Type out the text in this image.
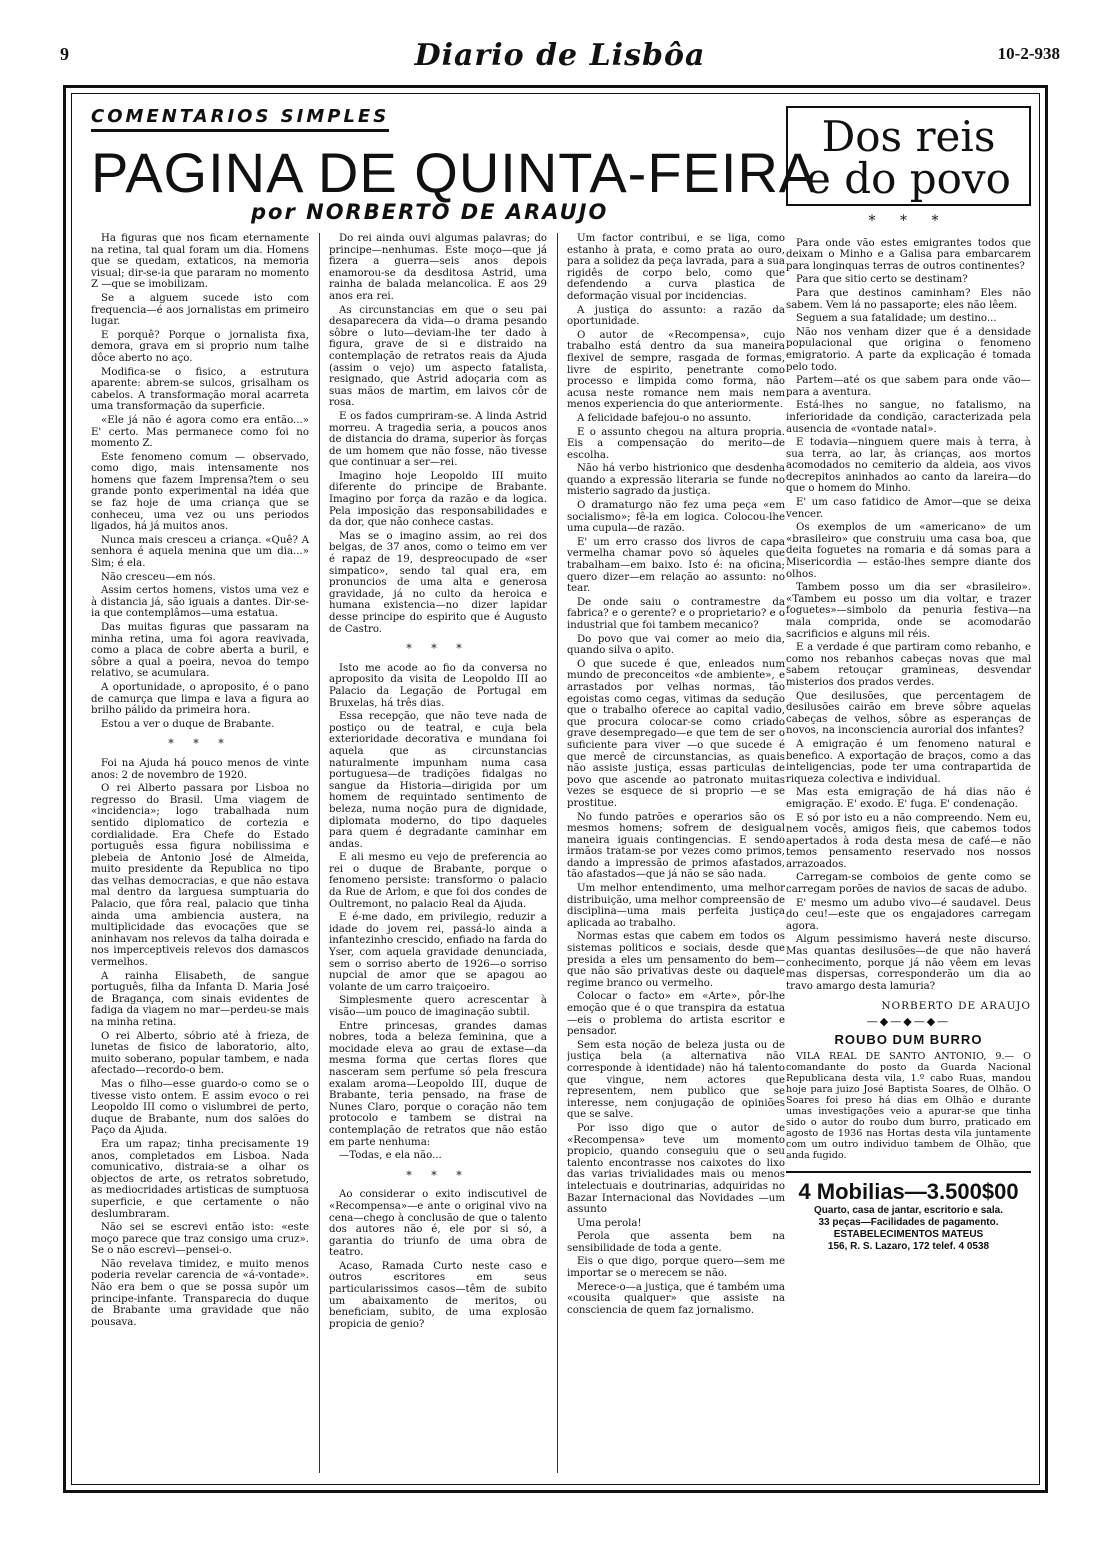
9	Diario de Lisbôa	10-2-938
COMENTARIOS SIMPLES
PAGINA DE QUINTA-FEIRA
por NORBERTO DE ARAUJO

Ha figuras que nos ficam eternamente na retina, tal qual foram um dia. Homens que se quedam, extaticos, na memoria visual; dir-se-ia que pararam no momento Z —que se imobilizam.

Se a alguem sucede isto com frequencia—é aos jornalistas em primeiro lugar.

E porquê? Porque o jornalista fixa, demora, grava em si proprio num talhe dôce aberto no aço.

Modifica-se o fisico, a estrutura aparente: abrem-se sulcos, grisalham os cabelos. A transformação moral acarreta uma transformação da superficie.

«Ele já não é agora como era então...» E' certo. Mas permanece como foi no momento Z.

Este fenomeno comum — observado, como digo, mais intensamente nos homens que fazem Imprensa?tem o seu grande ponto experimental na idéa que se faz hoje de uma criança que se conheceu, uma vez ou uns periodos ligados, há já muitos anos.

Nunca mais cresceu a criança. «Quê? A senhora é aquela menina que um dia...» Sim; é ela.

Não cresceu—em nós.

Assim certos homens, vistos uma vez e à distancia já, são iguais a dantes. Dir-se-ia que contemplâmos—uma estatua.

Das muitas figuras que passaram na minha retina, uma foi agora reavivada, como a placa de cobre aberta a buril, e sôbre a qual a poeira, nevoa do tempo relativo, se acumulara.

A oportunidade, o aproposito, é o pano de camurça que limpa e lava a figura ao brilho pálido da primeira hora.

Estou a ver o duque de Brabante.

* * *

Foi na Ajuda há pouco menos de vinte anos: 2 de novembro de 1920.

O rei Alberto passara por Lisboa no regresso do Brasil. Uma viagem de «incidencia»; logo trabalhada num sentido diplomatico de cortezia e cordialidade. Era Chefe do Estado português essa figura nobilissima e plebeia de Antonio José de Almeida, muito presidente da Republica no tipo das velhas democracias, e que não estava mal dentro da larguesa sumptuaria do Palacio, que fôra real, palacio que tinha ainda uma ambiencia austera, na multiplicidade das evocações que se aninhavam nos relevos da talha doirada e nos imperceptiveis relevos dos damascos vermelhos.

A rainha Elisabeth, de sangue português, filha da Infanta D. Maria José de Bragança, com sinais evidentes de fadiga da viagem no mar—perdeu-se mais na minha retina.

O rei Alberto, sóbrio até à frieza, de lunetas de fisico de laboratorio, alto, muito soberano, popular tambem, e nada afectado—recordo-o bem.

Mas o filho—esse guardo-o como se o tivesse visto ontem. E assim evoco o rei Leopoldo III como o vislumbrei de perto, duque de Brabante, num dos salões do Paço da Ajuda.

Era um rapaz; tinha precisamente 19 anos, completados em Lisboa. Nada comunicativo, distraia-se a olhar os objectos de arte, os retratos sobretudo, as mediocridades artisticas de sumptuosa superficie, e que certamente o não deslumbraram.

Não sei se escrevi então isto: «este moço parece que traz consigo uma cruz». Se o não escrevi—pensei-o.

Não revelava timidez, e muito menos poderia revelar carencia de «á-vontade». Não era bem o que se possa supôr um principe-infante. Transparecia do duque de Brabante uma gravidade que não pousava.

Do rei ainda ouvi algumas palavras; do principe—nenhumas. Este moço—que já fizera a guerra—seis anos depois enamorou-se da desditosa Astrid, uma rainha de balada melancolica. E aos 29 anos era rei.

As circunstancias em que o seu pai desaparecera da vida—o drama pesando sôbre o luto—deviam-lhe ter dado à figura, grave de si e distraido na contemplação de retratos reais da Ajuda (assim o vejo) um aspecto fatalista, resignado, que Astrid adoçaria com as suas mãos de martim, em laivos côr de rosa.

E os fados cumpriram-se. A linda Astrid morreu. A tragedia seria, a poucos anos de distancia do drama, superior às forças de um homem que não fosse, não tivesse que continuar a ser—rei.

Imagino hoje Leopoldo III muito diferente do principe de Brabante. Imagino por força da razão e da logica. Pela imposição das responsabilidades e da dor, que não conhece castas.

Mas se o imagino assim, ao rei dos belgas, de 37 anos, como o teimo em ver é rapaz de 19, despreocupado de «ser simpatico», sendo tal qual era, em pronuncios de uma alta e generosa gravidade, já no culto da heroica e humana existencia—no dizer lapidar desse principe do espirito que é Augusto de Castro.

* * *

Isto me acode ao fio da conversa no aproposito da visita de Leopoldo III ao Palacio da Legação de Portugal em Bruxelas, há três dias.

Essa recepção, que não teve nada de postiço ou de teatral, e cuja bela exterioridade decorativa e mundana foi aquela que as circunstancias naturalmente impunham numa casa portuguesa—de tradições fidalgas no sangue da Historia—dirigida por um homem de requintado sentimento de beleza, numa noção pura de dignidade, diplomata moderno, do tipo daqueles para quem é degradante caminhar em andas.

E ali mesmo eu vejo de preferencia ao rei o duque de Brabante, porque o fenomeno persiste: transformo o palacio da Rue de Arlom, e que foi dos condes de Oultremont, no palacio Real da Ajuda.

E é-me dado, em privilegio, reduzir a idade do jovem rei, passá-lo ainda a infantezinho crescido, enfiado na farda do Yser, com aquela gravidade denunciada, sem o sorriso aberto de 1926—o sorriso nupcial de amor que se apagou ao volante de um carro traiçoeiro.

Simplesmente quero acrescentar à visão—um pouco de imaginação subtil.

Entre princesas, grandes damas nobres, toda a beleza feminina, que a mocidade eleva ao grau de extase—da mesma forma que certas flores que nasceram sem perfume só pela frescura exalam aroma—Leopoldo III, duque de Brabante, teria pensado, na frase de Nunes Claro, porque o coração não tem protocolo e tambem se distrai na contemplação de retratos que não estão em parte nenhuma:

—Todas, e ela não...

* * *

Ao considerar o exito indiscutivel de «Recompensa»—e ante o original vivo na cena—chego à conclusão de que o talento dos autores não é, ele por si só, a garantia do triunfo de uma obra de teatro.

Acaso, Ramada Curto neste caso e outros escritores em seus particularissimos casos—têm de subito um abaixamento de meritos, ou beneficiam, subito, de uma explosão propicia de genio?

Um factor contribui, e se liga, como estanho à prata, e como prata ao ouro, para a solidez da peça lavrada, para a sua rigidês de corpo belo, como que defendendo a curva plastica de deformação visual por incidencias.

A justiça do assunto: a razão da oportunidade.

O autor de «Recompensa», cujo trabalho está dentro da sua maneira flexivel de sempre, rasgada de formas, livre de espirito, penetrante como processo e limpida como forma, não acusa neste romance nem mais nem menos experiencia do que anteriormente.

A felicidade bafejou-o no assunto.

E o assunto chegou na altura propria. Eis a compensação do merito—de escolha.

Não há verbo histrionico que desdenha quando a expressão literaria se funde no misterio sagrado da justiça.

O dramaturgo não fez uma peça «em socialismo»; fê-la em logica. Colocou-lhe uma cupula—de razão.

E' um erro crasso dos livros de capa vermelha chamar povo só àqueles que trabalham—em baixo. Isto é: na oficina; quero dizer—em relação ao assunto: no tear.

De onde saiu o contramestre da fabrica? e o gerente? e o proprietario? e o industrial que foi tambem mecanico?

Do povo que vai comer ao meio dia, quando silva o apito.

O que sucede é que, enleados num mundo de preconceitos «de ambiente», e arrastados por velhas normas, tão egoistas como cegas, vitimas da sedução que o trabalho oferece ao capital vadio, que procura colocar-se como criado grave desempregado—e que tem de ser o suficiente para viver —o que sucede é que mercê de circunstancias, as quais não assiste justiça, essas particulas de povo que ascende ao patronato muitas vezes se esquece de si proprio —e se prostitue.

No fundo patrões e operarios são os mesmos homens; sofrem de desigual maneira iguais contingencias. E sendo irmãos tratam-se por vezes como primos, dando a impressão de primos afastados, tão afastados—que já não se são nada.

Um melhor entendimento, uma melhor distribuição, uma melhor compreensão de disciplina—uma mais perfeita justiça aplicada ao trabalho.

Normas estas que cabem em todos os sistemas politicos e sociais, desde que presida a eles um pensamento do bem—que não são privativas deste ou daquele regime branco ou vermelho.

Colocar o facto» em «Arte», pôr-lhe emoção que é o que transpira da estatua—eis o problema do artista escritor e pensador.

Sem esta noção de beleza justa ou de justiça bela (a alternativa não corresponde à identidade) não há talento que vingue, nem actores que representem, nem publico que se interesse, nem conjugação de opiniões que se salve.

Por isso digo que o autor de «Recompensa» teve um momento propicio, quando conseguiu que o seu talento encontrasse nos caixotes do lixo das varias trivialidades mais ou menos intelectuais e doutrinarias, adquiridas no Bazar Internacional das Novidades —um assunto

Uma perola!

Perola que assenta bem na sensibilidade de toda a gente.

Eis o que digo, porque quero—sem me importar se o merecem se não.

Merece-o—a justiça, que é também uma «cousita qualquer» que assiste na consciencia de quem faz jornalismo.

Dos reis
e do povo

* * *

Para onde vão estes emigrantes todos que deixam o Minho e a Galisa para embarcarem para longinquas terras de outros continentes?

Para que sitio certo se destinam?

Para que destinos caminham? Eles não sabem. Vem lá no passaporte; eles não lêem.

Seguem a sua fatalidade; um destino...

Não nos venham dizer que é a densidade populacional que origina o fenomeno emigratorio. A parte da explicação é tomada pelo todo.

Partem—até os que sabem para onde vão—para a aventura.

Está-lhes no sangue, no fatalismo, na inferioridade da condição, caracterizada pela ausencia de «vontade natal».

E todavia—ninguem quere mais à terra, à sua terra, ao lar, às crianças, aos mortos acomodados no cemiterio da aldeia, aos vivos decrepitos aninhados ao canto da lareira—do que o homem do Minho.

E' um caso fatidico de Amor—que se deixa vencer.

Os exemplos de um «americano» de um «brasileiro» que construiu uma casa boa, que deita foguetes na romaria e dá somas para a Misericordia — estão-lhes sempre diante dos olhos.

Tambem posso um dia ser «brasileiro». «Tambem eu posso um dia voltar, e trazer foguetes»—simbolo da penuria festiva—na mala comprida, onde se acomodarão sacrificios e alguns mil réis.

E a verdade é que partiram como rebanho, e como nos rebanhos cabeças novas que mal sabem retouçar gramineas, desvendar misterios dos prados verdes.

Que desilusões, que percentagem de desilusões cairão em breve sôbre aquelas cabeças de velhos, sôbre as esperanças de novos, na inconsciencia aurorial dos infantes?

A emigração é um fenomeno natural e benefico. A exportação de braços, como a das inteligencias, pode ter uma contrapartida de riqueza colectiva e individual.

Mas esta emigração de há dias não é emigração. E' exodo. E' fuga. E' condenação.

E só por isto eu a não compreendo. Nem eu, nem vocês, amigos fieis, que cabemos todos apertados à roda desta mesa de café—e não temos pensamento reservado nos nossos arrazoados.

Carregam-se comboios de gente como se carregam porões de navios de sacas de adubo.

E' mesmo um adubo vivo—é saudavel. Deus do ceu!—este que os engajadores carregam agora.

Algum pessimismo haverá neste discurso. Mas quantas desilusões—de que não haverá conhecimento, porque já não vêem em levas mas dispersas, corresponderão um dia ao travo amargo desta lamuria?

NORBERTO DE ARAUJO
—◆—◆—◆—
ROUBO DUM BURRO

VILA REAL DE SANTO ANTONIO, 9.— O comandante do posto da Guarda Nacional Republicana desta vila, 1.º cabo Ruas, mandou hoje para juizo José Baptista Soares, de Olhão. O Soares foi preso há dias em Olhão e durante umas investigações veio a apurar-se que tinha sido o autor do roubo dum burro, praticado em agosto de 1936 nas Hortas desta vila juntamente com um outro individuo tambem de Olhão, que anda fugido.

4 Mobilias—3.500$00
Quarto, casa de jantar, escritorio e sala.
33 peças—Facilidades de pagamento.
ESTABELECIMENTOS MATEUS
156, R. S. Lazaro, 172 telef. 4 0538
